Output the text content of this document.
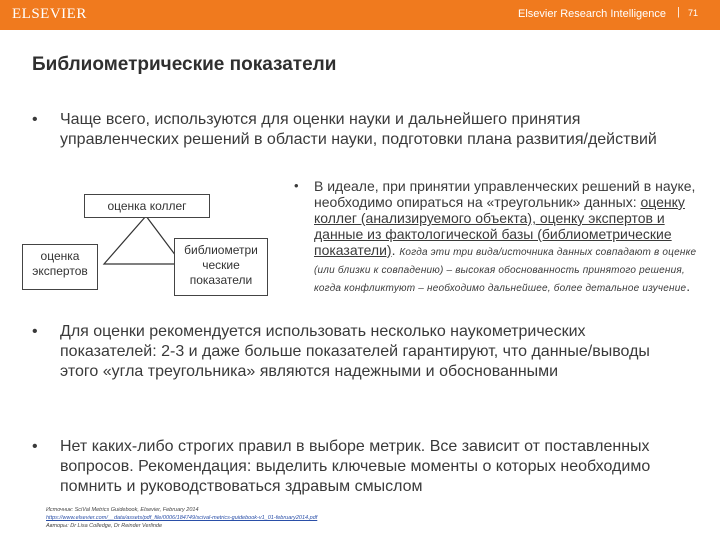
ELSEVIER	Elsevier Research Intelligence | 71
Библиометрические показатели
• Чаще всего, используются для оценки науки и дальнейшего принятия управленческих решений в области науки, подготовки плана развития/действий
оценка коллег
оценка экспертов
библиометри ческие показатели
• В идеале, при принятии управленческих решений в науке, необходимо опираться на «треугольник» данных: оценку коллег (анализируемого объекта), оценку экспертов и данные из фактологической базы (библиометрические показатели). Когда эти три вида/источника данных совпадают в оценке (или близки к совпадению) – высокая обоснованность принятого решения, когда конфликтуют – необходимо дальнейшее, более детальное изучение.
• Для оценки рекомендуется использовать несколько наукометрических показателей: 2-3 и даже больше показателей гарантируют, что данные/выводы этого «угла треугольника» являются надежными и обоснованными
• Нет каких-либо строгих правил в выборе метрик. Все зависит от поставленных вопросов. Рекомендация: выделить ключевые моменты о которых необходимо помнить и руководствоваться здравым смыслом
Источник: SciVal Metrics Guidebook, Elsevier, February 2014
https://www.elsevier.com/__data/assets/pdf_file/0006/184749/scival-metrics-guidebook-v1_01-february2014.pdf
Авторы: Dr Lisa Colledge, Dr Reinder Verlinde
